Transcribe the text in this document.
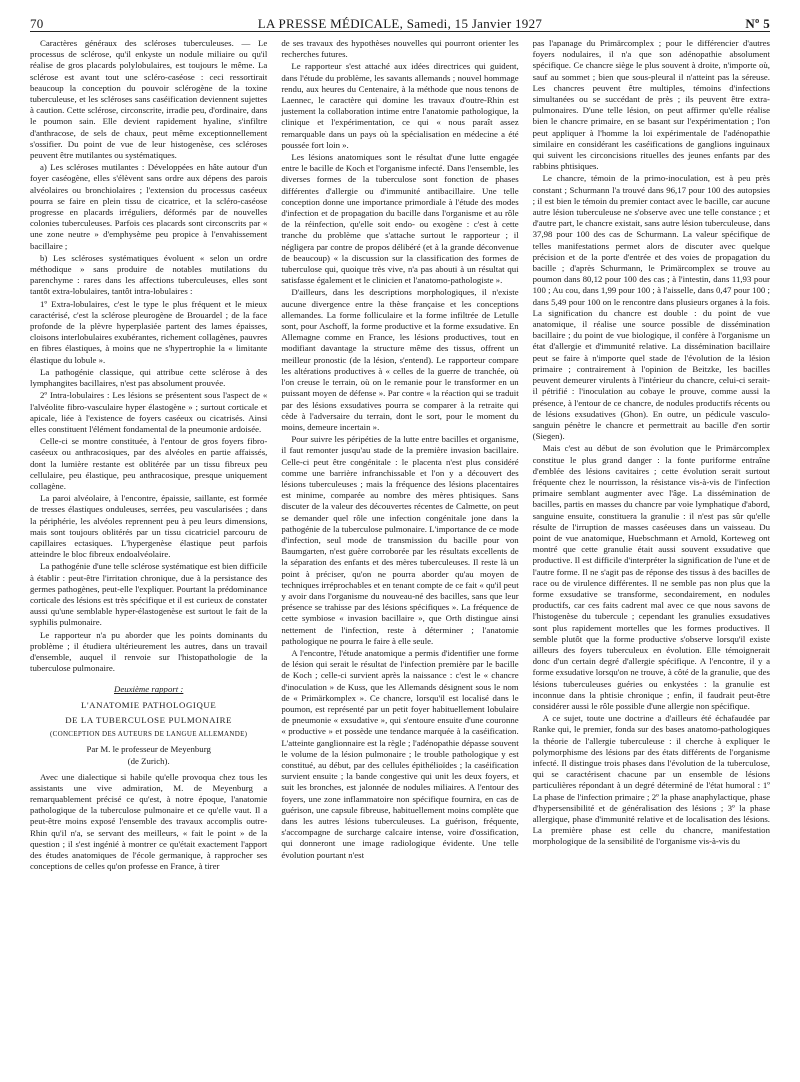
70	LA PRESSE MÉDICALE, Samedi, 15 Janvier 1927	Nº 5

Caractères généraux des scléroses tuberculeuses. — Le processus de sclérose, qu'il enkyste un nodule miliaire ou qu'il réalise de gros placards polylobulaires, est toujours le même. La sclérose est avant tout une scléro-caséose : ceci ressortirait beaucoup la conception du pouvoir sclérogène de la toxine tuberculeuse, et les scléroses sans caséification deviennent sujettes à caution. Cette sclérose, circonscrite, irradie peu, d'ordinaire, dans le poumon sain. Elle devient rapidement hyaline, s'infiltre d'anthracose, de sels de chaux, peut même exceptionnellement s'ossifier. Du point de vue de leur histogenèse, ces scléroses peuvent être mutilantes ou systématiques.

a) Les scléroses mutilantes : Développées en hâte autour d'un foyer caséogène, elles s'élèvent sans ordre aux dépens des parois alvéolaires ou bronchiolaires ; l'extension du processus caséeux pourra se faire en plein tissu de cicatrice, et la scléro-caséose progresse en placards irréguliers, déformés par de nouvelles colonies tuberculeuses. Parfois ces placards sont circonscrits par « une zone neutre » d'emphysème peu propice à l'envahissement bacillaire ;

b) Les scléroses systématiques évoluent « selon un ordre méthodique » sans produire de notables mutilations du parenchyme : rares dans les affections tuberculeuses, elles sont tantôt extra-lobulaires, tantôt intra-lobulaires :

1º Extra-lobulaires, c'est le type le plus fréquent et le mieux caractérisé, c'est la sclérose pleurogène de Brouardel ; de la face profonde de la plèvre hyperplasiée partent des lames épaisses, cloisons interlobulaires exubérantes, richement collagènes, pauvres en fibres élastiques, à moins que ne s'hypertrophie la « limitante élastique du lobule ».

La pathogénie classique, qui attribue cette sclérose à des lymphangites bacillaires, n'est pas absolument prouvée.

2º Intra-lobulaires : Les lésions se présentent sous l'aspect de « l'alvéolite fibro-vasculaire hyper élastogène » ; surtout corticale et apicale, liée à l'existence de foyers caséeux ou cicatrisés. Ainsi elles constituent l'élément fondamental de la pneumonie ardoisée.

Celle-ci se montre constituée, à l'entour de gros foyers fibro-caséeux ou anthracosiques, par des alvéoles en partie affaissés, dont la lumière restante est oblitérée par un tissu fibreux peu cellulaire, peu élastique, peu anthracosique, presque uniquement collagène.

La paroi alvéolaire, à l'encontre, épaissie, saillante, est formée de tresses élastiques onduleuses, serrées, peu vascularisées ; dans la périphérie, les alvéoles reprennent peu à peu leurs dimensions, mais sont toujours oblitérés par un tissu cicatriciel parcouru de capillaires ectasiques. L'hypergenèse élastique peut parfois atteindre le bloc fibreux endoalvéolaire.

La pathogénie d'une telle sclérose systématique est bien difficile à établir : peut-être l'irritation chronique, due à la persistance des germes pathogènes, peut-elle l'expliquer. Pourtant la prédominance corticale des lésions est très spécifique et il est curieux de constater aussi qu'une semblable hyper-élastogenèse est surtout le fait de la syphilis pulmonaire.

Le rapporteur n'a pu aborder que les points dominants du problème ; il étudiera ultérieurement les autres, dans un travail d'ensemble, auquel il renvoie sur l'histopathologie de la tuberculose pulmonaire.

Deuxième rapport :

L'ANATOMIE PATHOLOGIQUE

DE LA TUBERCULOSE PULMONAIRE

(CONCEPTION DES AUTEURS DE LANGUE ALLEMANDE)

Par M. le professeur de Meyenburg

(de Zurich).

Avec une dialectique si habile qu'elle provoqua chez tous les assistants une vive admiration, M. de Meyenburg a remarquablement précisé ce qu'est, à notre époque, l'anatomie pathologique de la tuberculose pulmonaire et ce qu'elle vaut. Il a peut-être moins exposé l'ensemble des travaux accomplis outre-Rhin qu'il n'a, se servant des meilleurs, « fait le point » de la question ; il s'est ingénié à montrer ce qu'était exactement l'apport des études anatomiques de l'école germanique, à rapprocher ses conceptions de celles qu'on professe en France, à tirer

de ses travaux des hypothèses nouvelles qui pourront orienter les recherches futures.

Le rapporteur s'est attaché aux idées directrices qui guident, dans l'étude du problème, les savants allemands ; nouvel hommage rendu, aux heures du Centenaire, à la méthode que nous tenons de Laennec, le caractère qui domine les travaux d'outre-Rhin est justement la collaboration intime entre l'anatomie pathologique, la clinique et l'expérimentation, ce qui « nous paraît assez remarquable dans un pays où la spécialisation en médecine a été poussée fort loin ».

Les lésions anatomiques sont le résultat d'une lutte engagée entre le bacille de Koch et l'organisme infecté. Dans l'ensemble, les diverses formes de la tuberculose sont fonction de phases différentes d'allergie ou d'immunité antibacillaire. Une telle conception donne une importance primordiale à l'étude des modes d'infection et de propagation du bacille dans l'organisme et au rôle de la réinfection, qu'elle soit endo- ou exogène : c'est à cette tranche du problème que s'attache surtout le rapporteur ; il négligera par contre de propos délibéré (et à la grande déconvenue de beaucoup) « la discussion sur la classification des formes de tuberculose qui, quoique très vive, n'a pas abouti à un résultat qui satisfasse également et le clinicien et l'anatomo-pathologiste ».

D'ailleurs, dans les descriptions morphologiques, il n'existe aucune divergence entre la thèse française et les conceptions allemandes. La forme folliculaire et la forme infiltrée de Letulle sont, pour Aschoff, la forme productive et la forme exsudative. En Allemagne comme en France, les lésions productives, tout en modifiant davantage la structure même des tissus, offrent un meilleur pronostic (de la lésion, s'entend). Le rapporteur compare les altérations productives à « celles de la guerre de tranchée, où l'on creuse le terrain, où on le remanie pour le transformer en un puissant moyen de défense ». Par contre « la réaction qui se traduit par des lésions exsudatives pourra se comparer à la retraite qui cède à l'adversaire du terrain, dont le sort, pour le moment du moins, demeure incertain ».

Pour suivre les péripéties de la lutte entre bacilles et organisme, il faut remonter jusqu'au stade de la première invasion bacillaire. Celle-ci peut être congénitale : le placenta n'est plus considéré comme une barrière infranchissable et l'on y a découvert des lésions tuberculeuses ; mais la fréquence des lésions placentaires est minime, comparée au nombre des mères phtisiques. Sans discuter de la valeur des découvertes récentes de Calmette, on peut se demander quel rôle une infection congénitale jone dans la pathogénie de la tuberculose pulmonaire. L'importance de ce mode d'infection, seul mode de transmission du bacille pour von Baumgarten, n'est guère corroborée par les résultats excellents de la séparation des enfants et des mères tuberculeuses. Il reste là un point à préciser, qu'on ne pourra aborder qu'au moyen de techniques irréprochables et en tenant compte de ce fait « qu'il peut y avoir dans l'organisme du nouveau-né des bacilles, sans que leur présence se trahisse par des lésions spécifiques ». La fréquence de cette symbiose « invasion bacillaire », que Orth distingue ainsi nettement de l'infection, reste à déterminer ; l'anatomie pathologique ne pourra le faire à elle seule.

A l'encontre, l'étude anatomique a permis d'identifier une forme de lésion qui serait le résultat de l'infection première par le bacille de Koch ; celle-ci survient après la naissance : c'est le « chancre d'inoculation » de Kuss, que les Allemands désignent sous le nom de « Primärkomplex ». Ce chancre, lorsqu'il est localisé dans le poumon, est représenté par un petit foyer habituellement lobulaire de pneumonie « exsudative », qui s'entoure ensuite d'une couronne « productive » et possède une tendance marquée à la caséification. L'atteinte ganglionnaire est la règle ; l'adénopathie dépasse souvent le volume de la lésion pulmonaire ; le trouble pathologique y est constitué, au début, par des cellules épithélioïdes ; la caséification survient ensuite ; la bande congestive qui unit les deux foyers, et suit les bronches, est jalonnée de nodules miliaires. A l'entour des foyers, une zone inflammatoire non spécifique fournira, en cas de guérison, une capsule fibreuse, habituellement moins complète que dans les autres lésions tuberculeuses. La guérison, fréquente, s'accompagne de surcharge calcaire intense, voire d'ossification, qui donneront une image radiologique évidente. Une telle évolution pourtant n'est

pas l'apanage du Primärcomplex ; pour le différencier d'autres foyers nodulaires, il n'a que son adénopathie absolument spécifique. Ce chancre siège le plus souvent à droite, n'importe où, sauf au sommet ; bien que sous-pleural il n'atteint pas la séreuse. Les chancres peuvent être multiples, témoins d'infections simultanées ou se succédant de près ; ils peuvent être extra-pulmonaires. D'une telle lésion, on peut affirmer qu'elle réalise bien le chancre primaire, en se basant sur l'expérimentation ; l'on peut appliquer à l'homme la loi expérimentale de l'adénopathie similaire en considérant les caséifications de ganglions inguinaux qui suivent les circoncisions rituelles des jeunes enfants par des rabbins phtisiques.

Le chancre, témoin de la primo-inoculation, est à peu près constant ; Schurmann l'a trouvé dans 96,17 pour 100 des autopsies ; il est bien le témoin du premier contact avec le bacille, car aucune autre lésion tuberculeuse ne s'observe avec une telle constance ; et d'autre part, le chancre existait, sans autre lésion tuberculeuse, dans 37,98 pour 100 des cas de Schurmann. La valeur spécifique de telles manifestations permet alors de discuter avec quelque précision et de la porte d'entrée et des voies de propagation du bacille ; d'après Schurmann, le Primärcomplex se trouve au poumon dans 80,12 pour 100 des cas ; à l'intestin, dans 11,93 pour 100 ; Au cou, dans 1,99 pour 100 ; à l'aisselle, dans 0,47 pour 100 ; dans 5,49 pour 100 on le rencontre dans plusieurs organes à la fois. La signification du chancre est double : du point de vue anatomique, il réalise une source possible de dissémination bacillaire ; du point de vue biologique, il confère à l'organisme un état d'allergie et d'immunité relative. La dissémination bacillaire peut se faire à n'importe quel stade de l'évolution de la lésion primaire ; contrairement à l'opinion de Beitzke, les bacilles peuvent demeurer virulents à l'intérieur du chancre, celui-ci serait-il pétrifié : l'inoculation au cobaye le prouve, comme aussi la présence, à l'entour de ce chancre, de nodules productifs récents ou de lésions exsudatives (Ghon). En outre, un pédicule vasculo-sanguin pénètre le chancre et permettrait au bacille d'en sortir (Siegen).

Mais c'est au début de son évolution que le Primärcomplex constitue le plus grand danger : la fonte puriforme entraîne d'emblée des lésions cavitaires ; cette évolution serait surtout fréquente chez le nourrisson, la résistance vis-à-vis de l'infection primaire semblant augmenter avec l'âge. La dissémination de bacilles, partis en masses du chancre par voie lymphatique d'abord, sanguine ensuite, constituera la granulie : il n'est pas sûr qu'elle résulte de l'irruption de masses caséeuses dans un vaisseau. Du point de vue anatomique, Huebschmann et Arnold, Korteweg ont montré que cette granulie était aussi souvent exsudative que productive. Il est difficile d'interpréter la signification de l'une et de l'autre forme. Il ne s'agit pas de réponse des tissus à des bacilles de race ou de virulence différentes. Il ne semble pas non plus que la forme exsudative se transforme, secondairement, en nodules productifs, car ces faits cadrent mal avec ce que nous savons de l'histogenèse du tubercule ; cependant les granulies exsudatives sont plus rapidement mortelles que les formes productives. Il semble plutôt que la forme productive s'observe lorsqu'il existe ailleurs des foyers tuberculeux en évolution. Elle témoignerait donc d'un certain degré d'allergie spécifique. A l'encontre, il y a forme exsudative lorsqu'on ne trouve, à côté de la granulie, que des lésions tuberculeuses guéries ou enkystées : la granulie est inconnue dans la phtisie chronique ; enfin, il faudrait peut-être considérer aussi le rôle possible d'une allergie non spécifique.

A ce sujet, toute une doctrine a d'ailleurs été échafaudée par Ranke qui, le premier, fonda sur des bases anatomo-pathologiques la théorie de l'allergie tuberculeuse : il cherche à expliquer le polymorphisme des lésions par des états différents de l'organisme infecté. Il distingue trois phases dans l'évolution de la tuberculose, qui se caractérisent chacune par un ensemble de lésions particulières répondant à un degré déterminé de l'état humoral : 1º La phase de l'infection primaire ; 2º la phase anaphylactique, phase d'hypersensibilité et de généralisation des lésions ; 3º la phase allergique, phase d'immunité relative et de localisation des lésions. La première phase est celle du chancre, manifestation morphologique de la sensibilité de l'organisme vis-à-vis du
